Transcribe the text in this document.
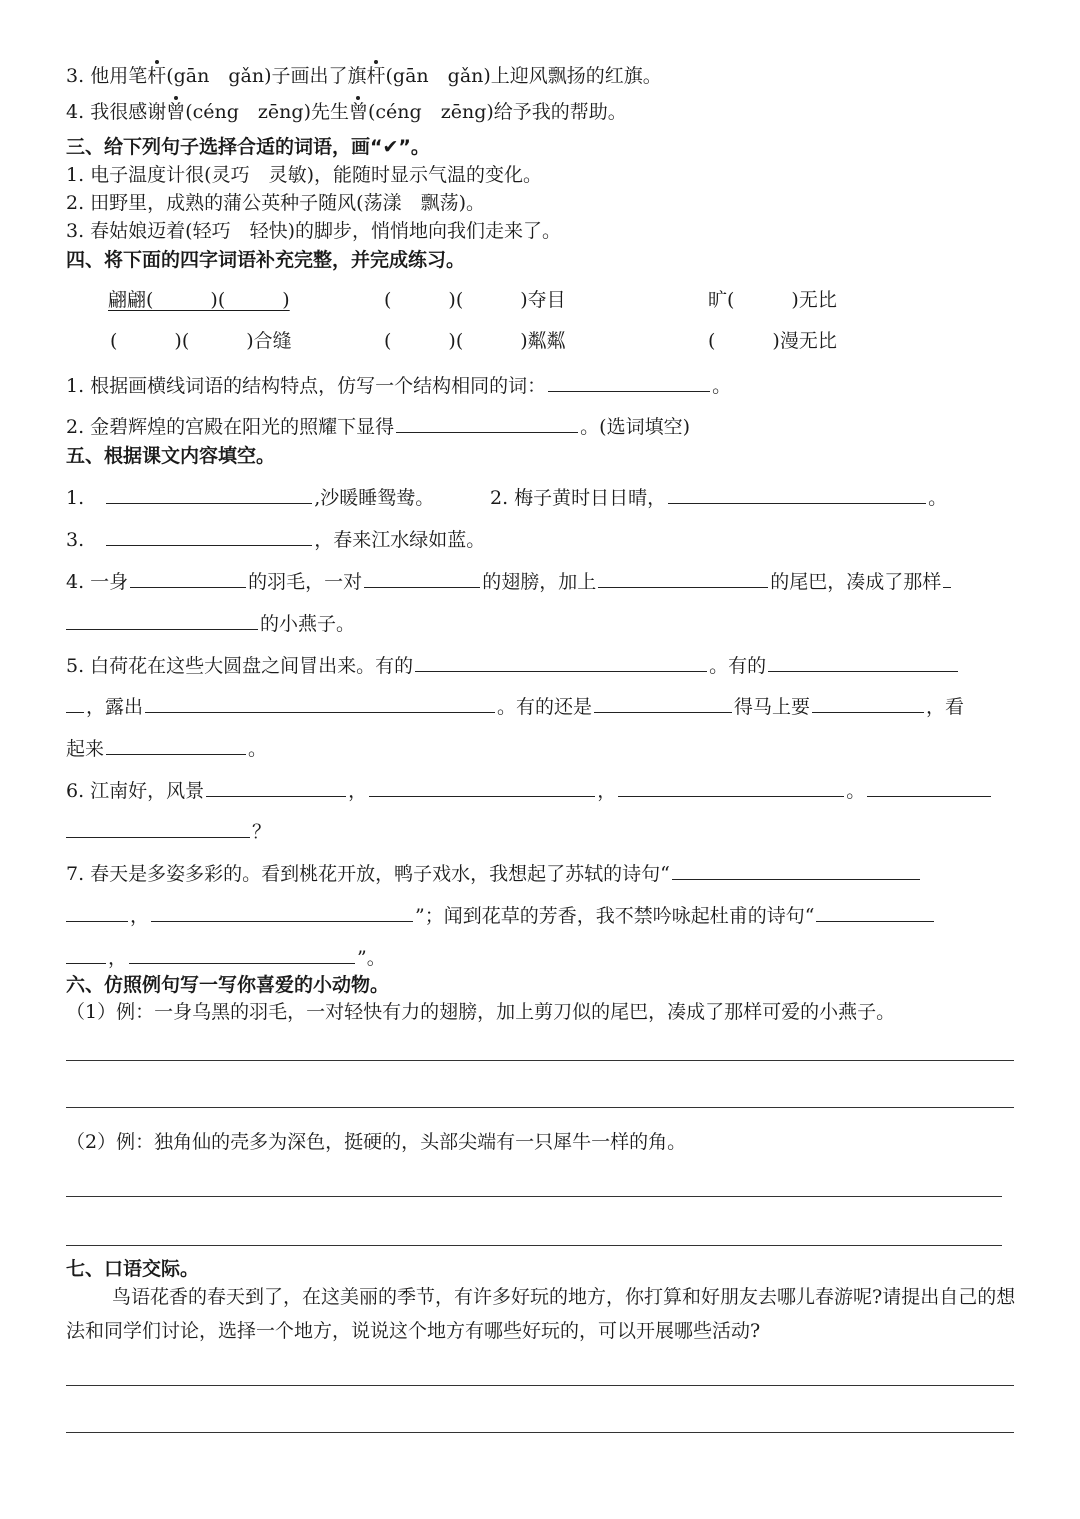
3. 他用笔杆(gān　gǎn)子画出了旗杆(gān　gǎn)上迎风飘扬的红旗。
4. 我很感谢曾(céng　zēng)先生曾(céng　zēng)给予我的帮助。
三、给下列句子选择合适的词语，画“✔”。
1. 电子温度计很(灵巧　灵敏)，能随时显示气温的变化。
2. 田野里，成熟的蒲公英种子随风(荡漾　飘荡)。
3. 春姑娘迈着(轻巧　轻快)的脚步，悄悄地向我们走来了。
四、将下面的四字词语补充完整，并完成练习。
翩翩(　　　)(　　　)	(　　　)(　　　)夺目	旷(　　　)无比
(　　　)(　　　)合缝	(　　　)(　　　)粼粼	(　　　)漫无比
1. 根据画横线词语的结构特点，仿写一个结构相同的词：	。
2. 金碧辉煌的宫殿在阳光的照耀下显得	。(选词填空)
五、根据课文内容填空。
1.	,沙暖睡鸳鸯。	2. 梅子黄时日日晴，	。
3.	，春来江水绿如蓝。
4. 一身	的羽毛，一对	的翅膀，加上	的尾巴，凑成了那样
的小燕子。
5. 白荷花在这些大圆盘之间冒出来。有的	。有的
，露出	。有的还是	得马上要	，看
起来	。
6. 江南好，风景	，	，	。
？
7. 春天是多姿多彩的。看到桃花开放，鸭子戏水，我想起了苏轼的诗句“
，	”；闻到花草的芳香，我不禁吟咏起杜甫的诗句“
，	”。
六、仿照例句写一写你喜爱的小动物。
（1）例：一身乌黑的羽毛，一对轻快有力的翅膀，加上剪刀似的尾巴，凑成了那样可爱的小燕子。
（2）例：独角仙的壳多为深色，挺硬的，头部尖端有一只犀牛一样的角。
七、口语交际。
鸟语花香的春天到了，在这美丽的季节，有许多好玩的地方，你打算和好朋友去哪儿春游呢?请提出自己的想法和同学们讨论，选择一个地方，说说这个地方有哪些好玩的，可以开展哪些活动?
